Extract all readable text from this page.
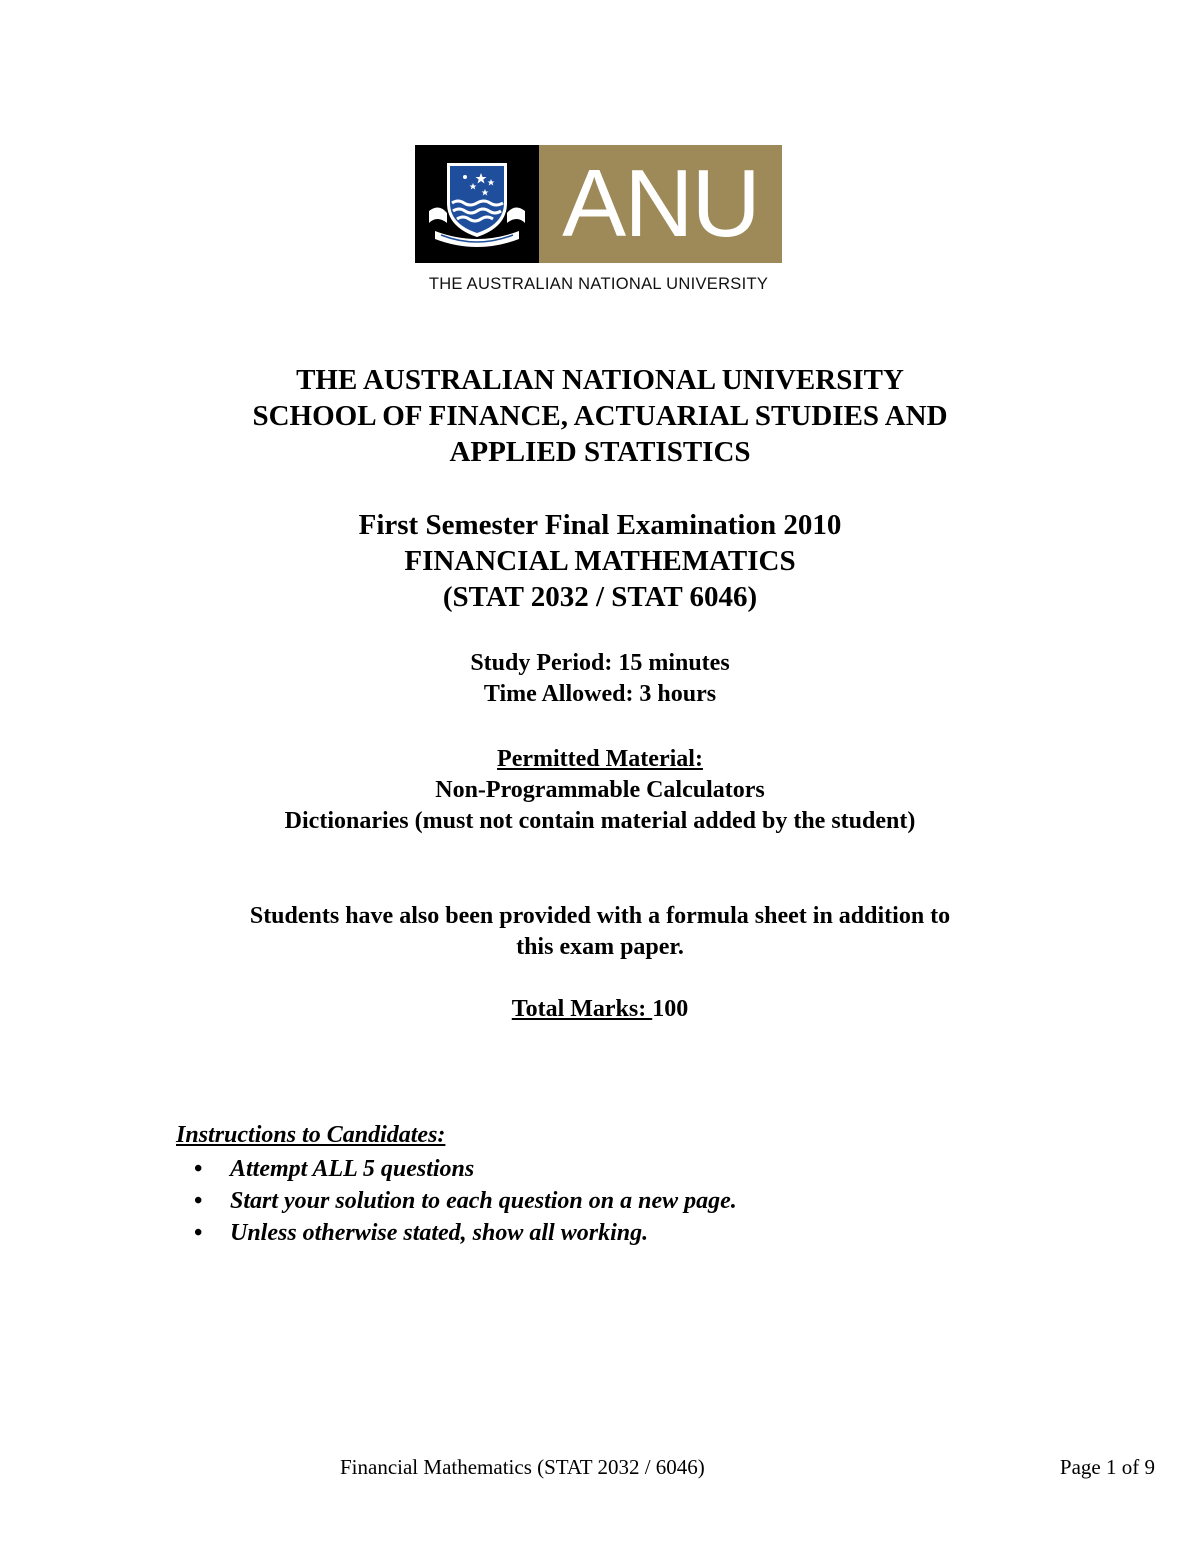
ANU
THE AUSTRALIAN NATIONAL UNIVERSITY

THE AUSTRALIAN NATIONAL UNIVERSITY

SCHOOL OF FINANCE, ACTUARIAL STUDIES AND

APPLIED STATISTICS

First Semester Final Examination 2010

FINANCIAL MATHEMATICS

(STAT 2032 / STAT 6046)

Study Period: 15 minutes

Time Allowed: 3 hours

Permitted Material:

Non-Programmable Calculators

Dictionaries (must not contain material added by the student)

Students have also been provided with a formula sheet in addition to

this exam paper.

Total Marks: 100

Instructions to Candidates:

• Attempt ALL 5 questions
• Start your solution to each question on a new page.
• Unless otherwise stated, show all working.
Financial Mathematics (STAT 2032 / 6046)	Page 1 of 9
